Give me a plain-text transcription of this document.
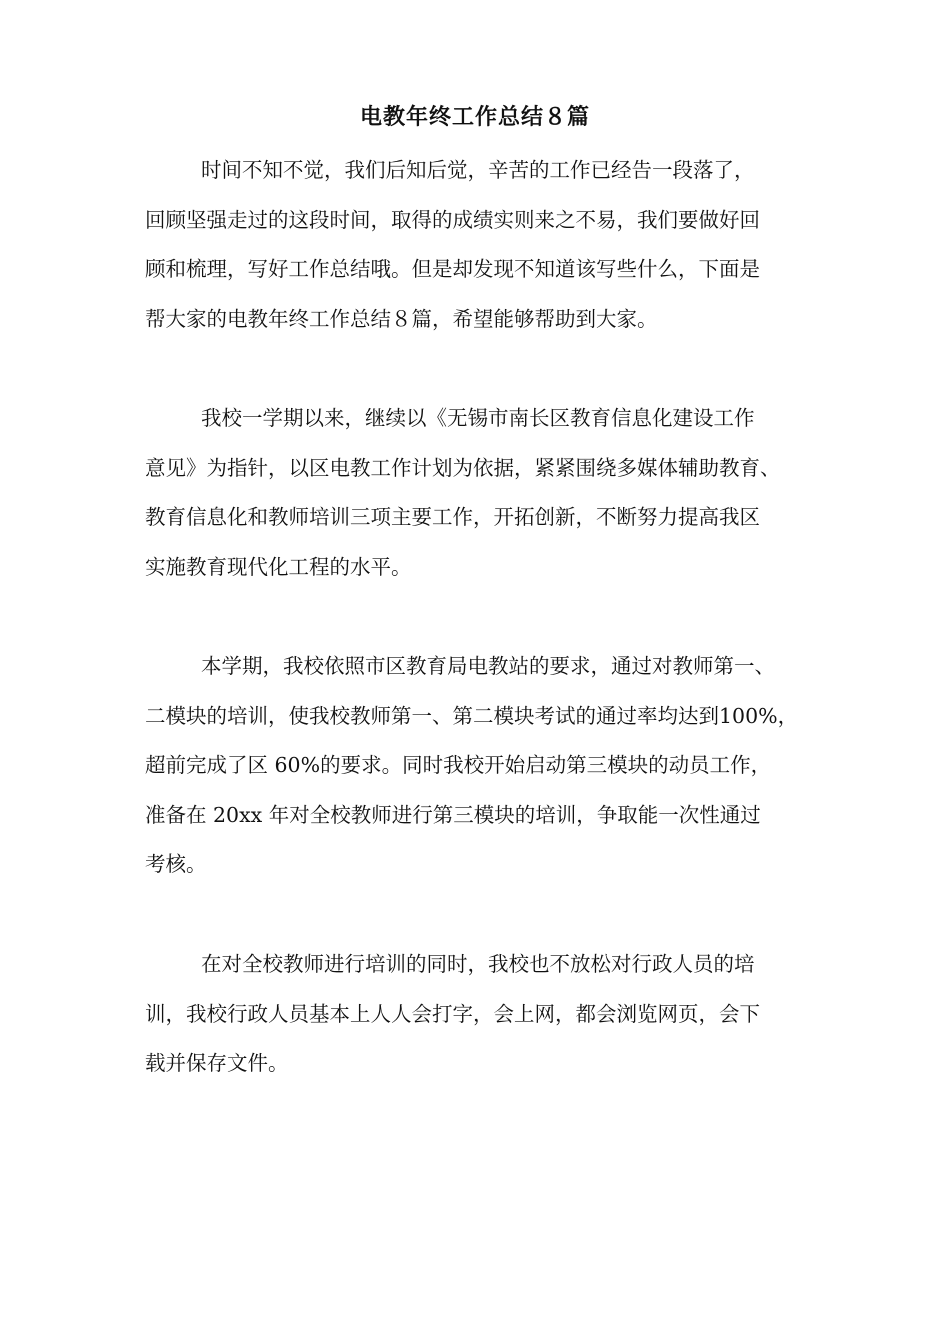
电教年终工作总结８篇
时间不知不觉，我们后知后觉，辛苦的工作已经告一段落了，
回顾坚强走过的这段时间，取得的成绩实则来之不易，我们要做好回
顾和梳理，写好工作总结哦。但是却发现不知道该写些什么，下面是
帮大家的电教年终工作总结８篇，希望能够帮助到大家。
我校一学期以来，继续以《无锡市南长区教育信息化建设工作
意见》为指针，以区电教工作计划为依据，紧紧围绕多媒体辅助教育、
教育信息化和教师培训三项主要工作，开拓创新，不断努力提高我区
实施教育现代化工程的水平。
本学期，我校依照市区教育局电教站的要求，通过对教师第一、
二模块的培训，使我校教师第一、第二模块考试的通过率均达到100%，
超前完成了区 60%的要求。同时我校开始启动第三模块的动员工作，
准备在 20xx 年对全校教师进行第三模块的培训，争取能一次性通过
考核。
在对全校教师进行培训的同时，我校也不放松对行政人员的培
训，我校行政人员基本上人人会打字，会上网，都会浏览网页，会下
载并保存文件。
